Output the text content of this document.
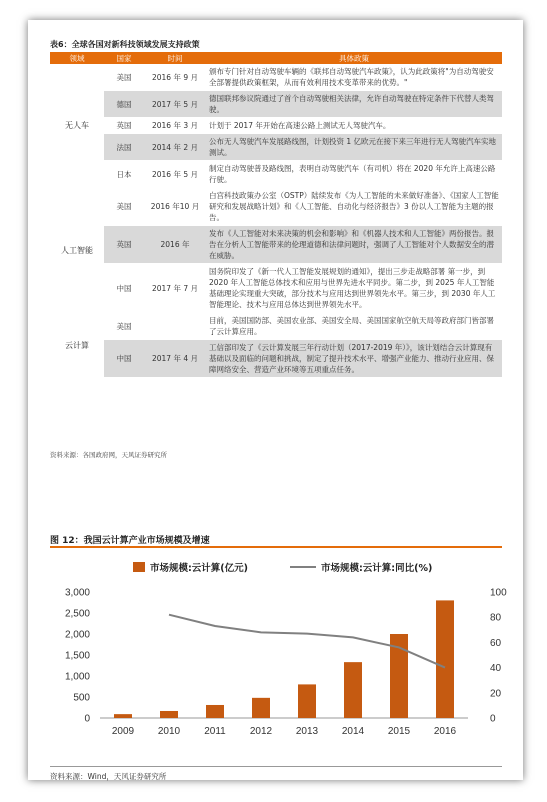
表6：全球各国对新科技领域发展支持政策
领域	国家	时间	具体政策
无人车	美国	2016 年 9 月	颁布专门针对自动驾驶车辆的《联邦自动驾驶汽车政策》，认为此政策将"为自动驾驶安全部署提供政策框架，从而有效利用技术变革带来的优势。"
	德国	2017 年 5 月	德国联邦参议院通过了首个自动驾驶相关法律，允许自动驾驶在特定条件下代替人类驾驶。
	英国	2016 年 3 月	计划于 2017 年开始在高速公路上测试无人驾驶汽车。
	法国	2014 年 2 月	公布无人驾驶汽车发展路线图，计划投资 1 亿欧元在接下来三年进行无人驾驶汽车实地测试。
	日本	2016 年 5 月	制定自动驾驶普及路线图，表明自动驾驶汽车（有司机）将在 2020 年允许上高速公路行驶。
人工智能	美国	2016 年10 月	白宫科技政策办公室（OSTP）陆续发布《为人工智能的未来做好准备》、《国家人工智能研究和发展战略计划》和《人工智能、自动化与经济报告》3 份以人工智能为主题的报告。
	英国	2016 年	发布《人工智能对未来决策的机会和影响》和《机器人技术和人工智能》两份报告。报告在分析人工智能带来的伦理道德和法律问题时，强调了人工智能对个人数据安全的潜在威胁。
	中国	2017 年 7 月	国务院印发了《新一代人工智能发展规划的通知》，提出三步走战略部署 第一步，到 2020 年人工智能总体技术和应用与世界先进水平同步。第二步，到 2025 年人工智能基础理论实现重大突破，部分技术与应用达到世界领先水平。第三步，到 2030 年人工智能理论、技术与应用总体达到世界领先水平。
云计算	美国		目前，美国国防部、美国农业部、美国安全局、美国国家航空航天局等政府部门皆部署了云计算应用。
	中国	2017 年 4 月	工信部印发了《云计算发展三年行动计划（2017-2019 年）》，该计划结合云计算现有基础以及面临的问题和挑战，制定了提升技术水平、增强产业能力、推动行业应用、保障网络安全、营造产业环境等五项重点任务。
资料来源：各国政府网，天风证券研究所
图 12：我国云计算产业市场规模及增速
0
500
1,000
1,500
2,000
2,500
3,000
0
20
40
60
80
100
2009 2010 2011 2012 2013 2014 2015 2016
市场规模:云计算(亿元)	市场规模:云计算:同比(%)
资料来源：Wind，天风证券研究所
